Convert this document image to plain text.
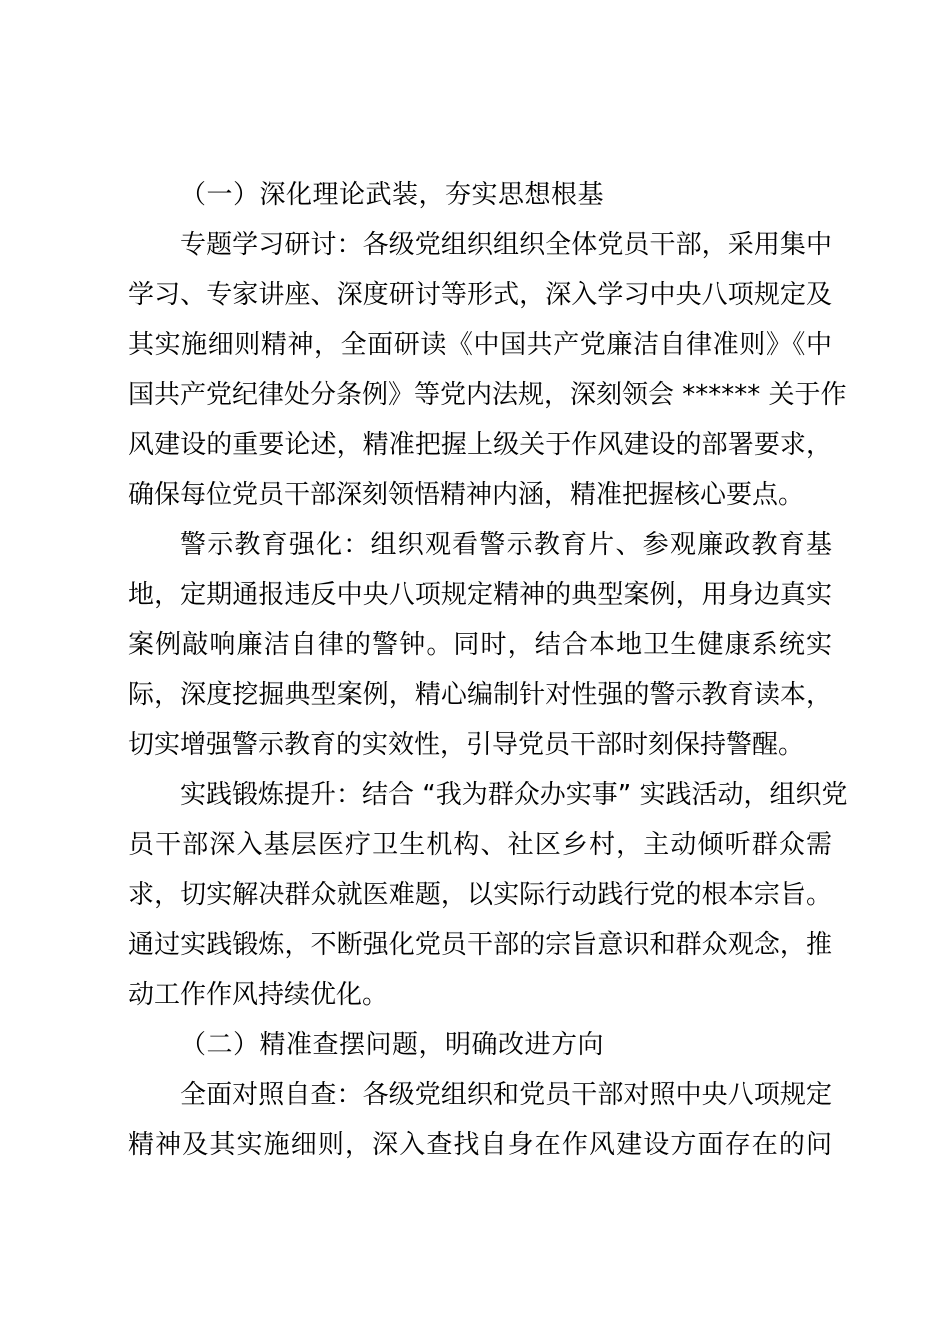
（一）深化理论武装，夯实思想根基
专题学习研讨：各级党组织组织全体党员干部，采用集中
学习、专家讲座、深度研讨等形式，深入学习中央八项规定及
其实施细则精神，全面研读《中国共产党廉洁自律准则》《中
国共产党纪律处分条例》等党内法规，深刻领会 ****** 关于作
风建设的重要论述，精准把握上级关于作风建设的部署要求，
确保每位党员干部深刻领悟精神内涵，精准把握核心要点。
警示教育强化：组织观看警示教育片、参观廉政教育基
地，定期通报违反中央八项规定精神的典型案例，用身边真实
案例敲响廉洁自律的警钟。同时，结合本地卫生健康系统实
际，深度挖掘典型案例，精心编制针对性强的警示教育读本，
切实增强警示教育的实效性，引导党员干部时刻保持警醒。
实践锻炼提升：结合 “我为群众办实事” 实践活动，组织党
员干部深入基层医疗卫生机构、社区乡村，主动倾听群众需
求，切实解决群众就医难题，以实际行动践行党的根本宗旨。
通过实践锻炼，不断强化党员干部的宗旨意识和群众观念，推
动工作作风持续优化。
（二）精准查摆问题，明确改进方向
全面对照自查：各级党组织和党员干部对照中央八项规定
精神及其实施细则，深入查找自身在作风建设方面存在的问
